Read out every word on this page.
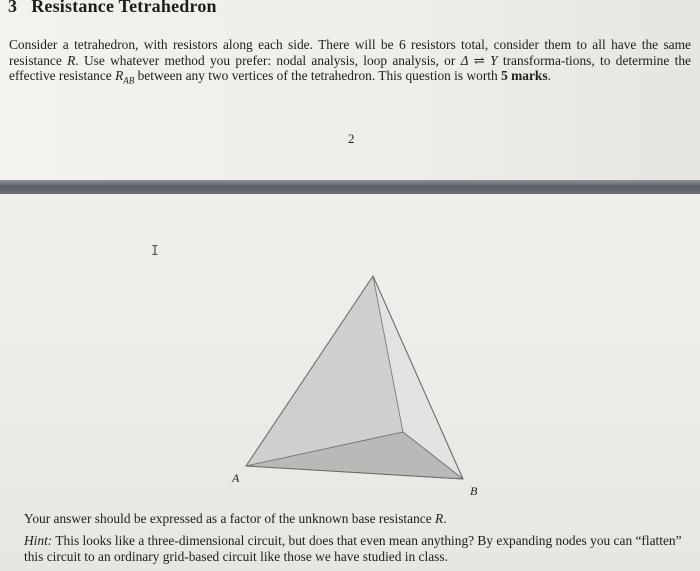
3 Resistance Tetrahedron

Consider a tetrahedron, with resistors along each side. There will be 6 resistors total, consider them to all have the same resistance R. Use whatever method you prefer: nodal analysis, loop analysis, or Δ ⇌ Y transforma-tions, to determine the effective resistance $R_{AB}$ between any two vertices of the tetrahedron. This question is worth 5 marks.

2
I
A
B

Your answer should be expressed as a factor of the unknown base resistance R.

Hint: This looks like a three-dimensional circuit, but does that even mean anything? By expanding nodes you can “flatten” this circuit to an ordinary grid-based circuit like those we have studied in class.
